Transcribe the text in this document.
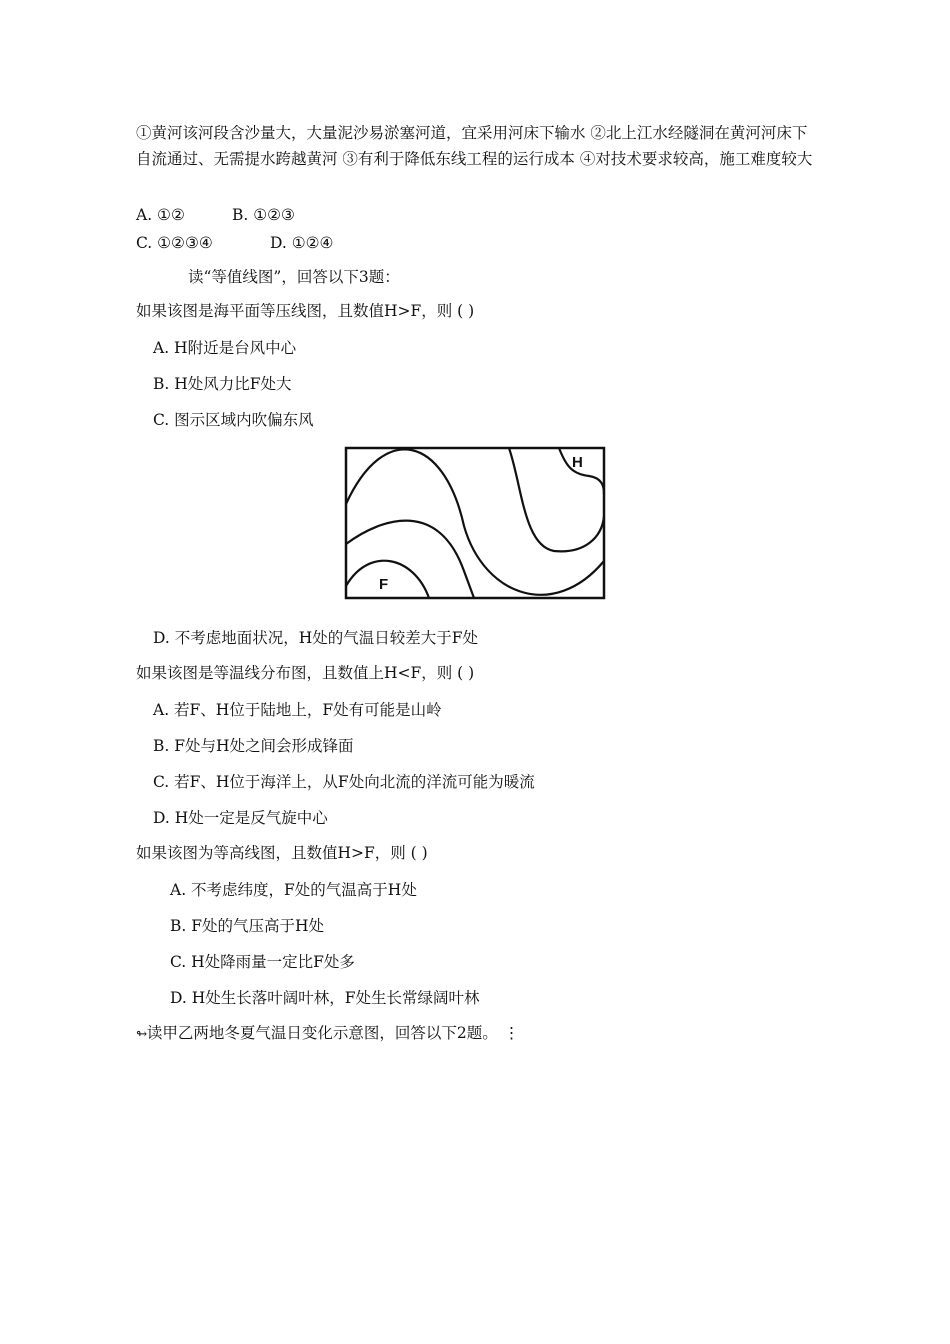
①黄河该河段含沙量大，大量泥沙易淤塞河道，宜采用河床下输水 ②北上江水经隧洞在黄河河床下自流通过、无需提水跨越黄河 ③有利于降低东线工程的运行成本 ④对技术要求较高，施工难度较大
A. ①②	B. ①②③
C. ①②③④	D. ①②④
读“等值线图”，回答以下3题：
如果该图是海平面等压线图，且数值H>F，则 ( )
A. H附近是台风中心
B. H处风力比F处大
C. 图示区域内吹偏东风
H
F
D. 不考虑地面状况，H处的气温日较差大于F处
如果该图是等温线分布图，且数值上H<F，则 ( )
A. 若F、H位于陆地上，F处有可能是山岭
B. F处与H处之间会形成锋面
C. 若F、H位于海洋上，从F处向北流的洋流可能为暖流
D. H处一定是反气旋中心
如果该图为等高线图，且数值H>F，则 ( )
A. 不考虑纬度，F处的气温高于H处
B. F处的气压高于H处
C. H处降雨量一定比F处多
D. H处生长落叶阔叶林，F处生长常绿阔叶林
↬读甲乙两地冬夏气温日变化示意图，回答以下2题。 ⋮
